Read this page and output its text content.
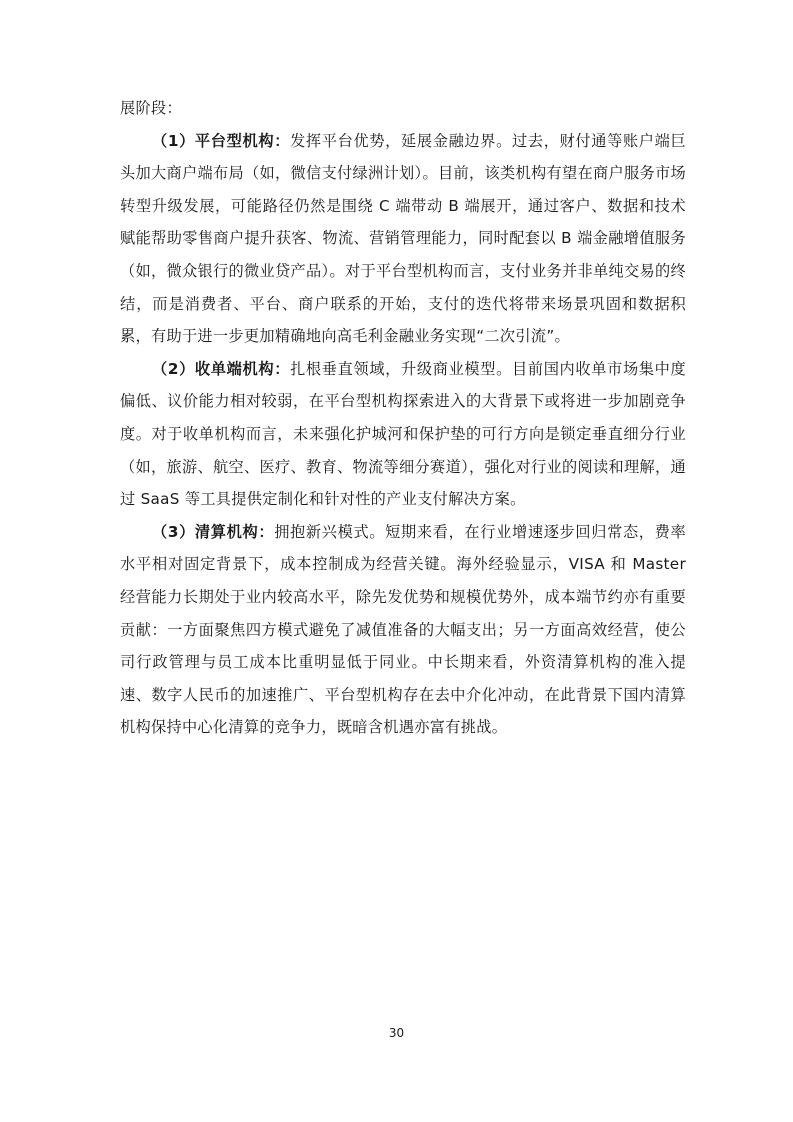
展阶段：

（1）平台型机构：发挥平台优势，延展金融边界。过去，财付通等账户端巨头加大商户端布局（如，微信支付绿洲计划）。目前，该类机构有望在商户服务市场转型升级发展，可能路径仍然是围绕 C 端带动 B 端展开，通过客户、数据和技术赋能帮助零售商户提升获客、物流、营销管理能力，同时配套以 B 端金融增值服务（如，微众银行的微业贷产品）。对于平台型机构而言，支付业务并非单纯交易的终结，而是消费者、平台、商户联系的开始，支付的迭代将带来场景巩固和数据积累，有助于进一步更加精确地向高毛利金融业务实现“二次引流”。

（2）收单端机构：扎根垂直领域，升级商业模型。目前国内收单市场集中度偏低、议价能力相对较弱，在平台型机构探索进入的大背景下或将进一步加剧竞争度。对于收单机构而言，未来强化护城河和保护垫的可行方向是锁定垂直细分行业（如，旅游、航空、医疗、教育、物流等细分赛道），强化对行业的阅读和理解，通过 SaaS 等工具提供定制化和针对性的产业支付解决方案。

（3）清算机构：拥抱新兴模式。短期来看，在行业增速逐步回归常态，费率水平相对固定背景下，成本控制成为经营关键。海外经验显示，VISA 和 Master 经营能力长期处于业内较高水平，除先发优势和规模优势外，成本端节约亦有重要贡献：一方面聚焦四方模式避免了减值准备的大幅支出；另一方面高效经营，使公司行政管理与员工成本比重明显低于同业。中长期来看，外资清算机构的准入提速、数字人民币的加速推广、平台型机构存在去中介化冲动，在此背景下国内清算机构保持中心化清算的竞争力，既暗含机遇亦富有挑战。

30
